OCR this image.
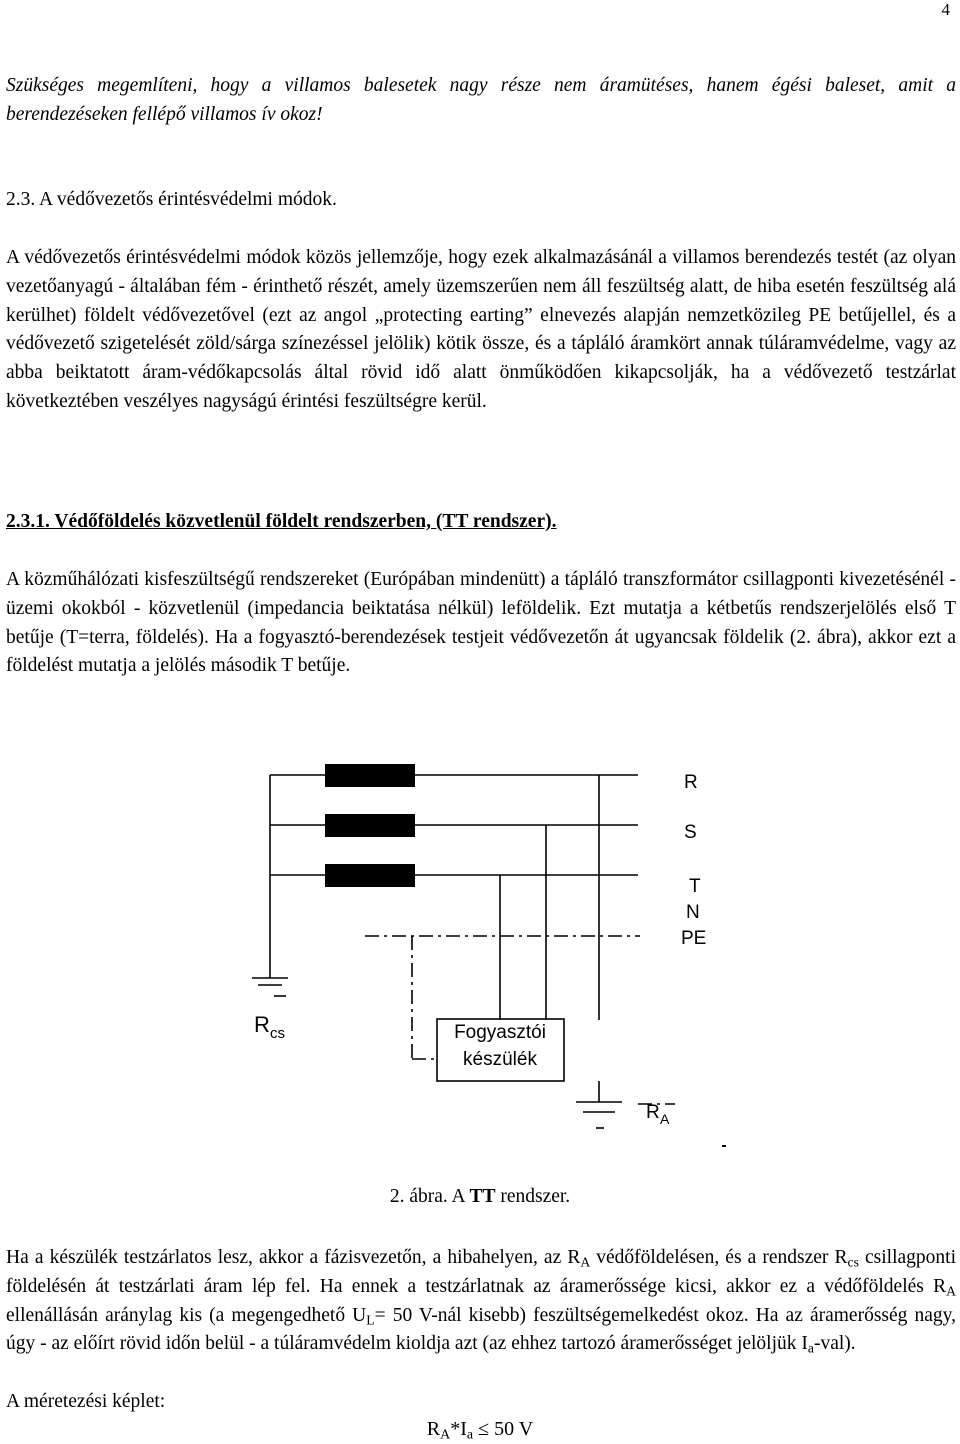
4
Szükséges megemlíteni, hogy a villamos balesetek nagy része nem áramütéses, hanem égési baleset, amit a berendezéseken fellépő villamos ív okoz!
2.3. A védővezetős érintésvédelmi módok.
A védővezetős érintésvédelmi módok közös jellemzője, hogy ezek alkalmazásánál a villamos berendezés testét (az olyan vezetőanyagú - általában fém - érinthető részét, amely üzemszerűen nem áll feszültség alatt, de hiba esetén feszültség alá kerülhet) földelt védővezetővel (ezt az angol „protecting earting” elnevezés alapján nemzetközileg PE betűjellel, és a védővezető szigetelését zöld/sárga színezéssel jelölik) kötik össze, és a tápláló áramkört annak túláramvédelme, vagy az abba beiktatott áram-védőkapcsolás által rövid idő alatt önműködően kikapcsolják, ha a védővezető testzárlat következtében veszélyes nagyságú érintési feszültségre kerül.
2.3.1. Védőföldelés közvetlenül földelt rendszerben, (TT rendszer).
A közműhálózati kisfeszültségű rendszereket (Európában mindenütt) a tápláló transzformátor csillagponti kivezetésénél - üzemi okokból - közvetlenül (impedancia beiktatása nélkül) leföldelik. Ezt mutatja a kétbetűs rendszerjelölés első T betűje (T=terra, földelés). Ha a fogyasztó-berendezések testjeit védővezetőn át ugyancsak földelik (2. ábra), akkor ezt a földelést mutatja a jelölés második T betűje.
R
S
T
N
PE
R cs	Fogyasztói
készülék
R A
2. ábra. A TT rendszer.
Ha a készülék testzárlatos lesz, akkor a fázisvezetőn, a hibahelyen, az $R_A$ védőföldelésen, és a rendszer $R_{cs}$ csillagponti földelésén át testzárlati áram lép fel. Ha ennek a testzárlatnak az áramerőssége kicsi, akkor ez a védőföldelés $R_A$ ellenállásán aránylag kis (a megengedhető $U_L= 50$ V-nál kisebb) feszültségemelkedést okoz. Ha az áramerősség nagy, úgy - az előírt rövid időn belül - a túláramvédelm kioldja azt (az ehhez tartozó áramerősséget jelöljük $I_a-val$).
A méretezési képlet:
$R_A*I_a \le 50$ V
